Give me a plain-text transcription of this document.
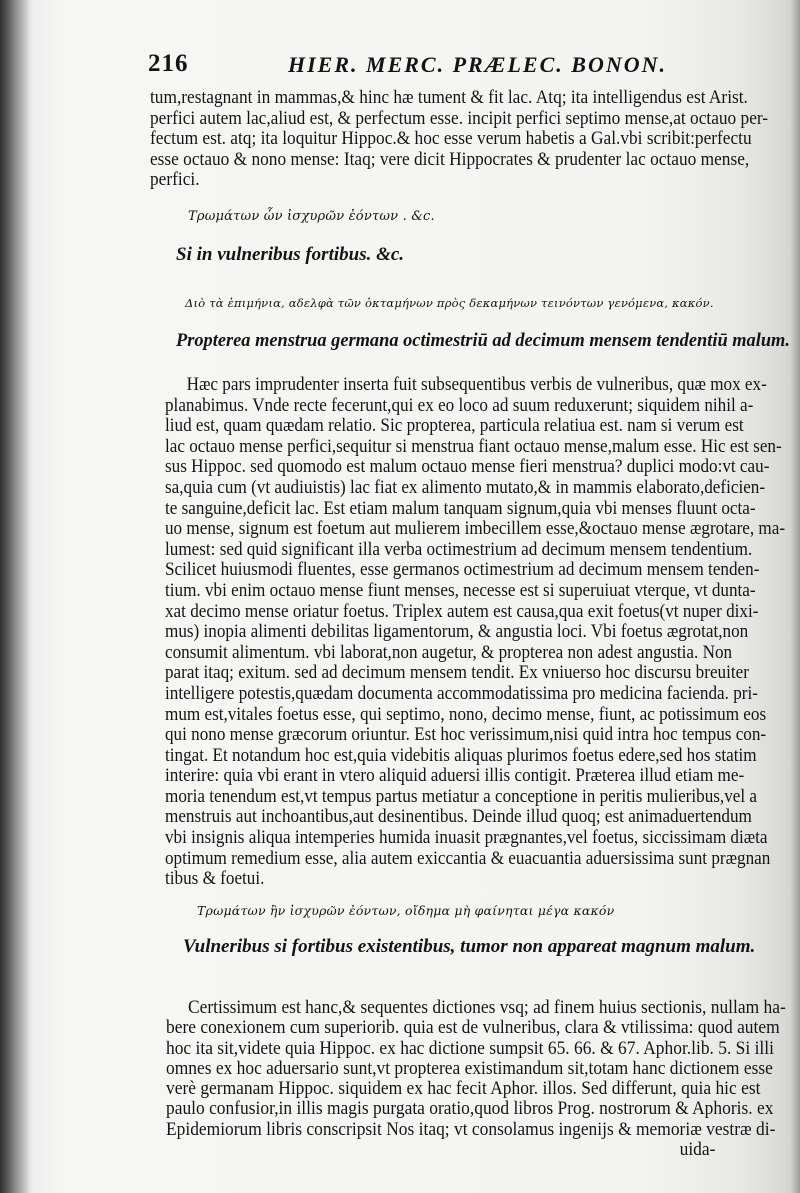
216	HIER. MERC. PRÆLEC. BONON.
tum,restagnant in mammas,& hinc hæ tument & fit lac. Atq; ita intelligendus est Arist.
perfici autem lac,aliud est, & perfectum esse. incipit perfici septimo mense,at octauo per-
fectum est. atq; ita loquitur Hippoc.& hoc esse verum habetis a Gal.vbi scribit:perfectu
esse octauo & nono mense: Itaq; vere dicit Hippocrates & prudenter lac octauo mense,
perfici.
Τρωμάτων ὧν ἰσχυρῶν ἐόντων . &c.
Si in vulneribus fortibus. &c.
Διὸ τὰ ἐπιμήνια, αδελφὰ τῶν ὀκταμήνων πρὸς δεκαμήνων τεινόντων γενόμενα, κακόν.
Propterea menstrua germana octimestriū ad decimum mensem tendentiū malum.
Hæc pars imprudenter inserta fuit subsequentibus verbis de vulneribus, quæ mox ex-
planabimus. Vnde recte fecerunt,qui ex eo loco ad suum reduxerunt; siquidem nihil a-
liud est, quam quædam relatio. Sic propterea, particula relatiua est. nam si verum est
lac octauo mense perfici,sequitur si menstrua fiant octauo mense,malum esse. Hic est sen-
sus Hippoc. sed quomodo est malum octauo mense fieri menstrua? duplici modo:vt cau-
sa,quia cum (vt audiuistis) lac fiat ex alimento mutato,& in mammis elaborato,deficien-
te sanguine,deficit lac. Est etiam malum tanquam signum,quia vbi menses fluunt octa-
uo mense, signum est foetum aut mulierem imbecillem esse,&octauo mense ægrotare, ma-
lumest: sed quid significant illa verba octimestrium ad decimum mensem tendentium.
Scilicet huiusmodi fluentes, esse germanos octimestrium ad decimum mensem tenden-
tium. vbi enim octauo mense fiunt menses, necesse est si superuiuat vterque, vt dunta-
xat decimo mense oriatur foetus. Triplex autem est causa,qua exit foetus(vt nuper dixi-
mus) inopia alimenti debilitas ligamentorum, & angustia loci. Vbi foetus ægrotat,non
consumit alimentum. vbi laborat,non augetur, & propterea non adest angustia. Non
parat itaq; exitum. sed ad decimum mensem tendit. Ex vniuerso hoc discursu breuiter
intelligere potestis,quædam documenta accommodatissima pro medicina facienda. pri-
mum est,vitales foetus esse, qui septimo, nono, decimo mense, fiunt, ac potissimum eos
qui nono mense græcorum oriuntur. Est hoc verissimum,nisi quid intra hoc tempus con-
tingat. Et notandum hoc est,quia videbitis aliquas plurimos foetus edere,sed hos statim
interire: quia vbi erant in vtero aliquid aduersi illis contigit. Præterea illud etiam me-
moria tenendum est,vt tempus partus metiatur a conceptione in peritis mulieribus,vel a
menstruis aut inchoantibus,aut desinentibus. Deinde illud quoq; est animaduertendum
vbi insignis aliqua intemperies humida inuasit prægnantes,vel foetus, siccissimam diæta
optimum remedium esse, alia autem exiccantia & euacuantia aduersissima sunt prægnan
tibus & foetui.
Τρωμάτων ἢν ἰσχυρῶν ἐόντων, οἴδημα μὴ φαίνηται μέγα κακόν
Vulneribus si fortibus existentibus, tumor non appareat magnum malum.
Certissimum est hanc,& sequentes dictiones vsq; ad finem huius sectionis, nullam ha-
bere conexionem cum superiorib. quia est de vulneribus, clara & vtilissima: quod autem
hoc ita sit,videte quia Hippoc. ex hac dictione sumpsit 65. 66. & 67. Aphor.lib. 5. Si illi
omnes ex hoc aduersario sunt,vt propterea existimandum sit,totam hanc dictionem esse
verè germanam Hippoc. siquidem ex hac fecit Aphor. illos. Sed differunt, quia hic est
paulo confusior,in illis magis purgata oratio,quod libros Prog. nostrorum & Aphoris. ex
Epidemiorum libris conscripsit Nos itaq; vt consolamus ingenijs & memoriæ vestræ di-
uida-
